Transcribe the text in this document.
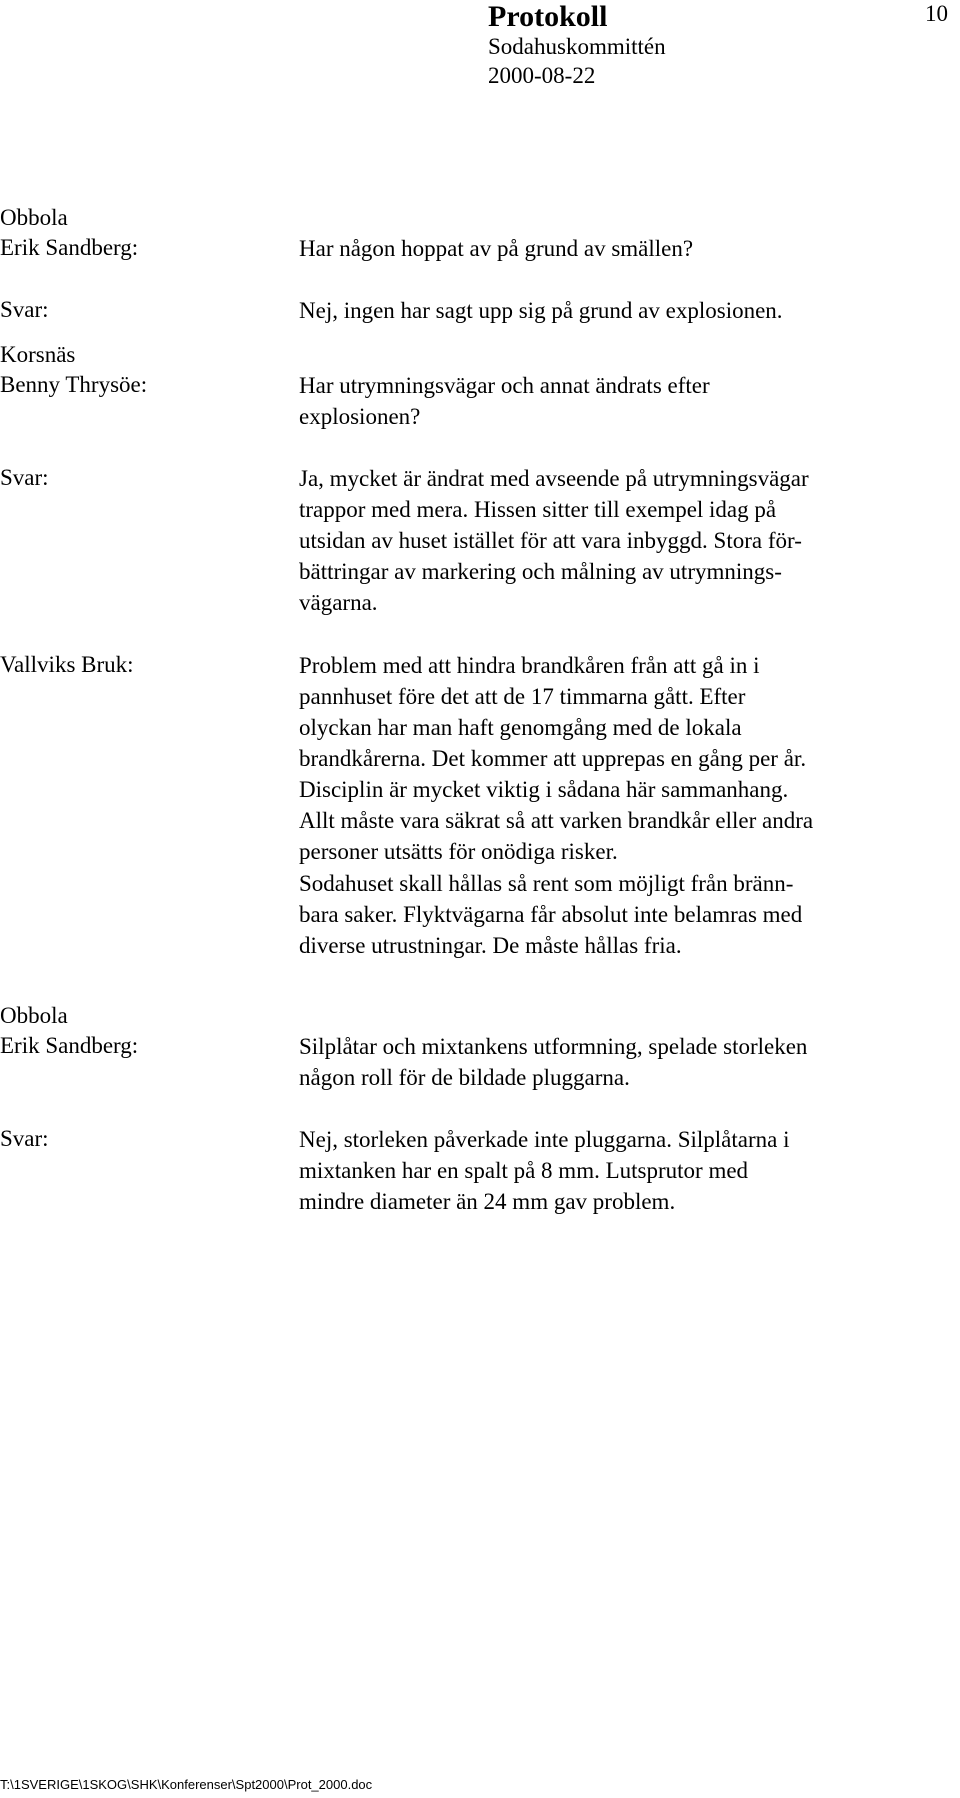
Protokoll
Sodahuskommittén
2000-08-22
10
Obbola
Erik Sandberg:	Har någon hoppat av på grund av smällen?
Svar:	Nej, ingen har sagt upp sig på grund av explosionen.
Korsnäs
Benny Thrysöe:	Har utrymningsvägar och annat ändrats efter
explosionen?
Svar:	Ja, mycket är ändrat med avseende på utrymningsvägar
trappor med mera. Hissen sitter till exempel idag på
utsidan av huset istället för att vara inbyggd. Stora för-
bättringar av markering och målning av utrymnings-
vägarna.
Vallviks Bruk:	Problem med att hindra brandkåren från att gå in i
pannhuset före det att de 17 timmarna gått. Efter
olyckan har man haft genomgång med de lokala
brandkårerna. Det kommer att upprepas en gång per år.
Disciplin är mycket viktig i sådana här sammanhang.
Allt måste vara säkrat så att varken brandkår eller andra
personer utsätts för onödiga risker.
Sodahuset skall hållas så rent som möjligt från bränn-
bara saker. Flyktvägarna får absolut inte belamras med
diverse utrustningar. De måste hållas fria.
Obbola
Erik Sandberg:	Silplåtar och mixtankens utformning, spelade storleken
någon roll för de bildade pluggarna.
Svar:	Nej, storleken påverkade inte pluggarna. Silplåtarna i
mixtanken har en spalt på 8 mm. Lutsprutor med
mindre diameter än 24 mm gav problem.
T:\1SVERIGE\1SKOG\SHK\Konferenser\Spt2000\Prot_2000.doc
